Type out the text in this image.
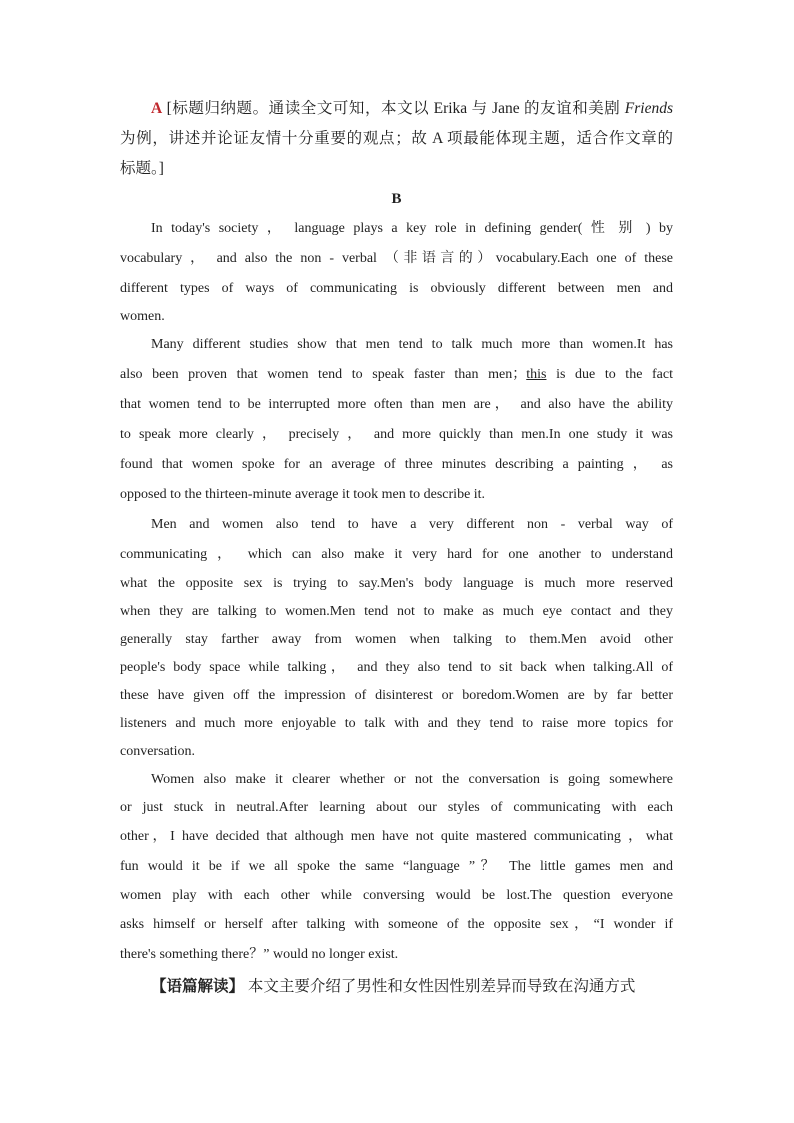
A [标题归纳题。通读全文可知，本文以 Erika 与 Jane 的友谊和美剧 Friends
为例，讲述并论证友情十分重要的观点；故 A 项最能体现主题，适合作文章的
标题。]
B
In today's society ， language plays a key role in defining gender( 性 别 ) by
vocabulary ， and also the non - verbal （非语言的）vocabulary.Each one of these
different types of ways of communicating is obviously different between men and
women.
Many different studies show that men tend to talk much more than women.It has
also been proven that women tend to speak faster than men；this is due to the fact
that women tend to be interrupted more often than men are， and also have the ability
to speak more clearly ， precisely ， and more quickly than men.In one study it was
found that women spoke for an average of three minutes describing a painting ， as
opposed to the thirteen-minute average it took men to describe it.
Men and women also tend to have a very different non - verbal way of
communicating ， which can also make it very hard for one another to understand
what the opposite sex is trying to say.Men's body language is much more reserved
when they are talking to women.Men tend not to make as much eye contact and they
generally stay farther away from women when talking to them.Men avoid other
people's body space while talking， and they also tend to sit back when talking.All of
these have given off the impression of disinterest or boredom.Women are by far better
listeners and much more enjoyable to talk with and they tend to raise more topics for
conversation.
Women also make it clearer whether or not the conversation is going somewhere
or just stuck in neutral.After learning about our styles of communicating with each
other，I have decided that although men have not quite mastered communicating ，what
fun would it be if we all spoke the same “language ”？ The little games men and
women play with each other while conversing would be lost.The question everyone
asks himself or herself after talking with someone of the opposite sex，“I wonder if
there's something there？” would no longer exist.
【语篇解读】 本文主要介绍了男性和女性因性别差异而导致在沟通方式
